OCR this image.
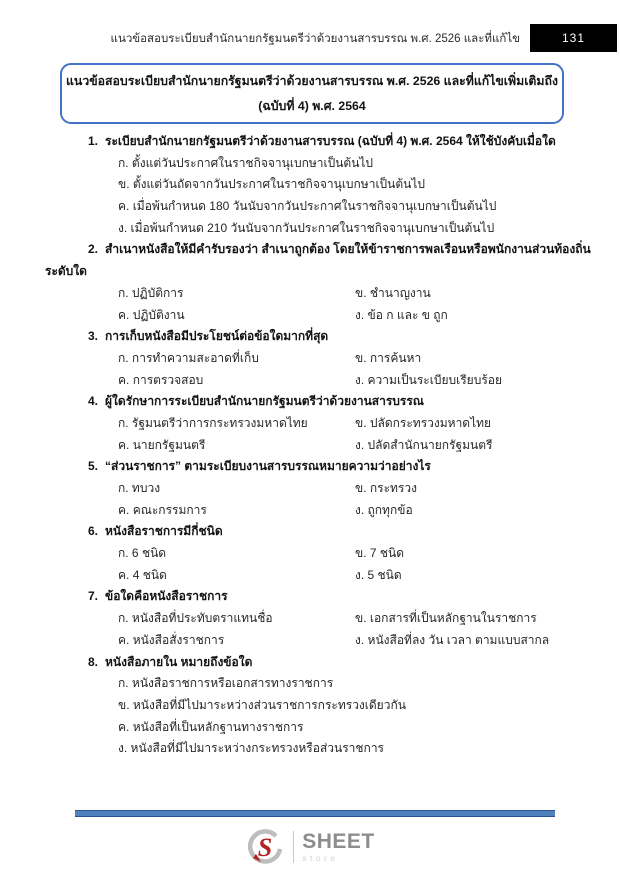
แนวข้อสอบระเบียบสำนักนายกรัฐมนตรีว่าด้วยงานสารบรรณ พ.ศ. 2526 และที่แก้ไข	131
แนวข้อสอบระเบียบสำนักนายกรัฐมนตรีว่าด้วยงานสารบรรณ พ.ศ. 2526 และที่แก้ไขเพิ่มเติมถึง
(ฉบับที่ 4) พ.ศ. 2564
1. ระเบียบสำนักนายกรัฐมนตรีว่าด้วยงานสารบรรณ (ฉบับที่ 4) พ.ศ. 2564 ให้ใช้บังคับเมื่อใด
ก. ตั้งแต่วันประกาศในราชกิจจานุเบกษาเป็นต้นไป
ข. ตั้งแต่วันถัดจากวันประกาศในราชกิจจานุเบกษาเป็นต้นไป
ค. เมื่อพ้นกำหนด 180 วันนับจากวันประกาศในราชกิจจานุเบกษาเป็นต้นไป
ง. เมื่อพ้นกำหนด 210 วันนับจากวันประกาศในราชกิจจานุเบกษาเป็นต้นไป
2. สำเนาหนังสือให้มีคำรับรองว่า สำเนาถูกต้อง โดยให้ข้าราชการพลเรือนหรือพนักงานส่วนท้องถิ่น
ระดับใด
ก. ปฏิบัติการ	ข. ชำนาญงาน
ค. ปฏิบัติงาน	ง. ข้อ ก และ ข ถูก
3. การเก็บหนังสือมีประโยชน์ต่อข้อใดมากที่สุด
ก. การทำความสะอาดที่เก็บ	ข. การค้นหา
ค. การตรวจสอบ	ง. ความเป็นระเบียบเรียบร้อย
4. ผู้ใดรักษาการระเบียบสำนักนายกรัฐมนตรีว่าด้วยงานสารบรรณ
ก. รัฐมนตรีว่าการกระทรวงมหาดไทย	ข. ปลัดกระทรวงมหาดไทย
ค. นายกรัฐมนตรี	ง. ปลัดสำนักนายกรัฐมนตรี
5. “ส่วนราชการ” ตามระเบียบงานสารบรรณหมายความว่าอย่างไร
ก. ทบวง	ข. กระทรวง
ค. คณะกรรมการ	ง. ถูกทุกข้อ
6. หนังสือราชการมีกี่ชนิด
ก. 6 ชนิด	ข. 7 ชนิด
ค. 4 ชนิด	ง. 5 ชนิด
7. ข้อใดคือหนังสือราชการ
ก. หนังสือที่ประทับตราแทนชื่อ	ข. เอกสารที่เป็นหลักฐานในราชการ
ค. หนังสือสั่งราชการ	ง. หนังสือที่ลง วัน เวลา ตามแบบสากล
8. หนังสือภายใน หมายถึงข้อใด
ก. หนังสือราชการหรือเอกสารทางราชการ
ข. หนังสือที่มีไปมาระหว่างส่วนราชการกระทรวงเดียวกัน
ค. หนังสือที่เป็นหลักฐานทางราชการ
ง. หนังสือที่มีไปมาระหว่างกระทรวงหรือส่วนราชการ
S SHEET
store
